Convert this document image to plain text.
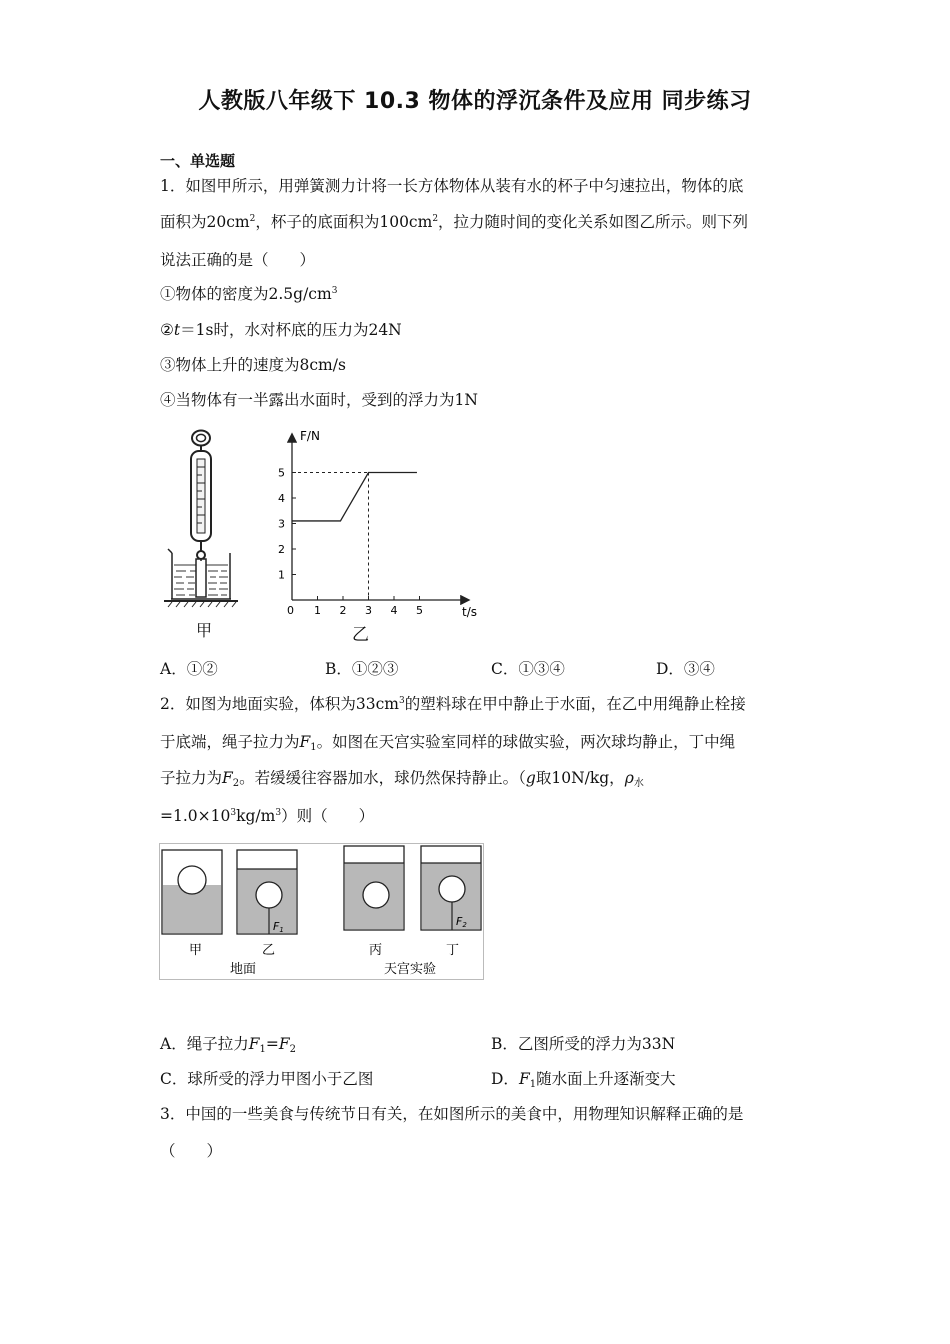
人教版八年级下 10.3 物体的浮沉条件及应用 同步练习
一、单选题
1．如图甲所示，用弹簧测力计将一长方体物体从装有水的杯子中匀速拉出，物体的底
面积为$20cm^2$，杯子的底面积为$100cm^2$，拉力随时间的变化关系如图乙所示。则下列
说法正确的是（　　）
①物体的密度为$2.5g/cm^3$
②t＝1s时，水对杯底的压力为24N
③物体上升的速度为8cm/s
④当物体有一半露出水面时，受到的浮力为1N
甲
F/N
t/s
0 1 2 3 4 5
1
2
3
4
5
乙
A．①②	B．①②③	C．①③④	D．③④
2．如图为地面实验，体积为$33cm^3$的塑料球在甲中静止于水面，在乙中用绳静止栓接
于底端，绳子拉力为$F_1$。如图在天宫实验室同样的球做实验，两次球均静止，丁中绳
子拉力为$F_2$。若缓缓往容器加水，球仍然保持静止。（g取10N/kg，$\rho_水$
$=1.0\times 10^3kg/m^3$）则（　　）
F1
F2
甲	乙	丙	丁
地面	天宫实验
A．绳子拉力$F_1=F_2$	B．乙图所受的浮力为33N
C．球所受的浮力甲图小于乙图	D．$F_1$随水面上升逐渐变大
3．中国的一些美食与传统节日有关，在如图所示的美食中，用物理知识解释正确的是
（　　）
